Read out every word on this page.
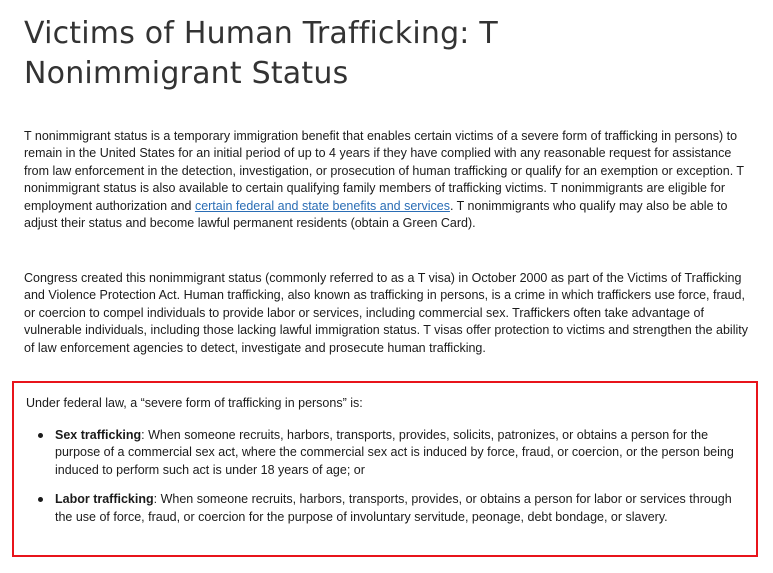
Victims of Human Trafficking: T Nonimmigrant Status

T nonimmigrant status is a temporary immigration benefit that enables certain victims of a severe form of trafficking in persons) to remain in the United States for an initial period of up to 4 years if they have complied with any reasonable request for assistance from law enforcement in the detection, investigation, or prosecution of human trafficking or qualify for an exemption or exception. T nonimmigrant status is also available to certain qualifying family members of trafficking victims. T nonimmigrants are eligible for employment authorization and certain federal and state benefits and services. T nonimmigrants who qualify may also be able to adjust their status and become lawful permanent residents (obtain a Green Card).

Congress created this nonimmigrant status (commonly referred to as a T visa) in October 2000 as part of the Victims of Trafficking and Violence Protection Act. Human trafficking, also known as trafficking in persons, is a crime in which traffickers use force, fraud, or coercion to compel individuals to provide labor or services, including commercial sex. Traffickers often take advantage of vulnerable individuals, including those lacking lawful immigration status. T visas offer protection to victims and strengthen the ability of law enforcement agencies to detect, investigate and prosecute human trafficking.

Under federal law, a “severe form of trafficking in persons” is:

Sex trafficking: When someone recruits, harbors, transports, provides, solicits, patronizes, or obtains a person for the purpose of a commercial sex act, where the commercial sex act is induced by force, fraud, or coercion, or the person being induced to perform such act is under 18 years of age; or
Labor trafficking: When someone recruits, harbors, transports, provides, or obtains a person for labor or services through the use of force, fraud, or coercion for the purpose of involuntary servitude, peonage, debt bondage, or slavery.
